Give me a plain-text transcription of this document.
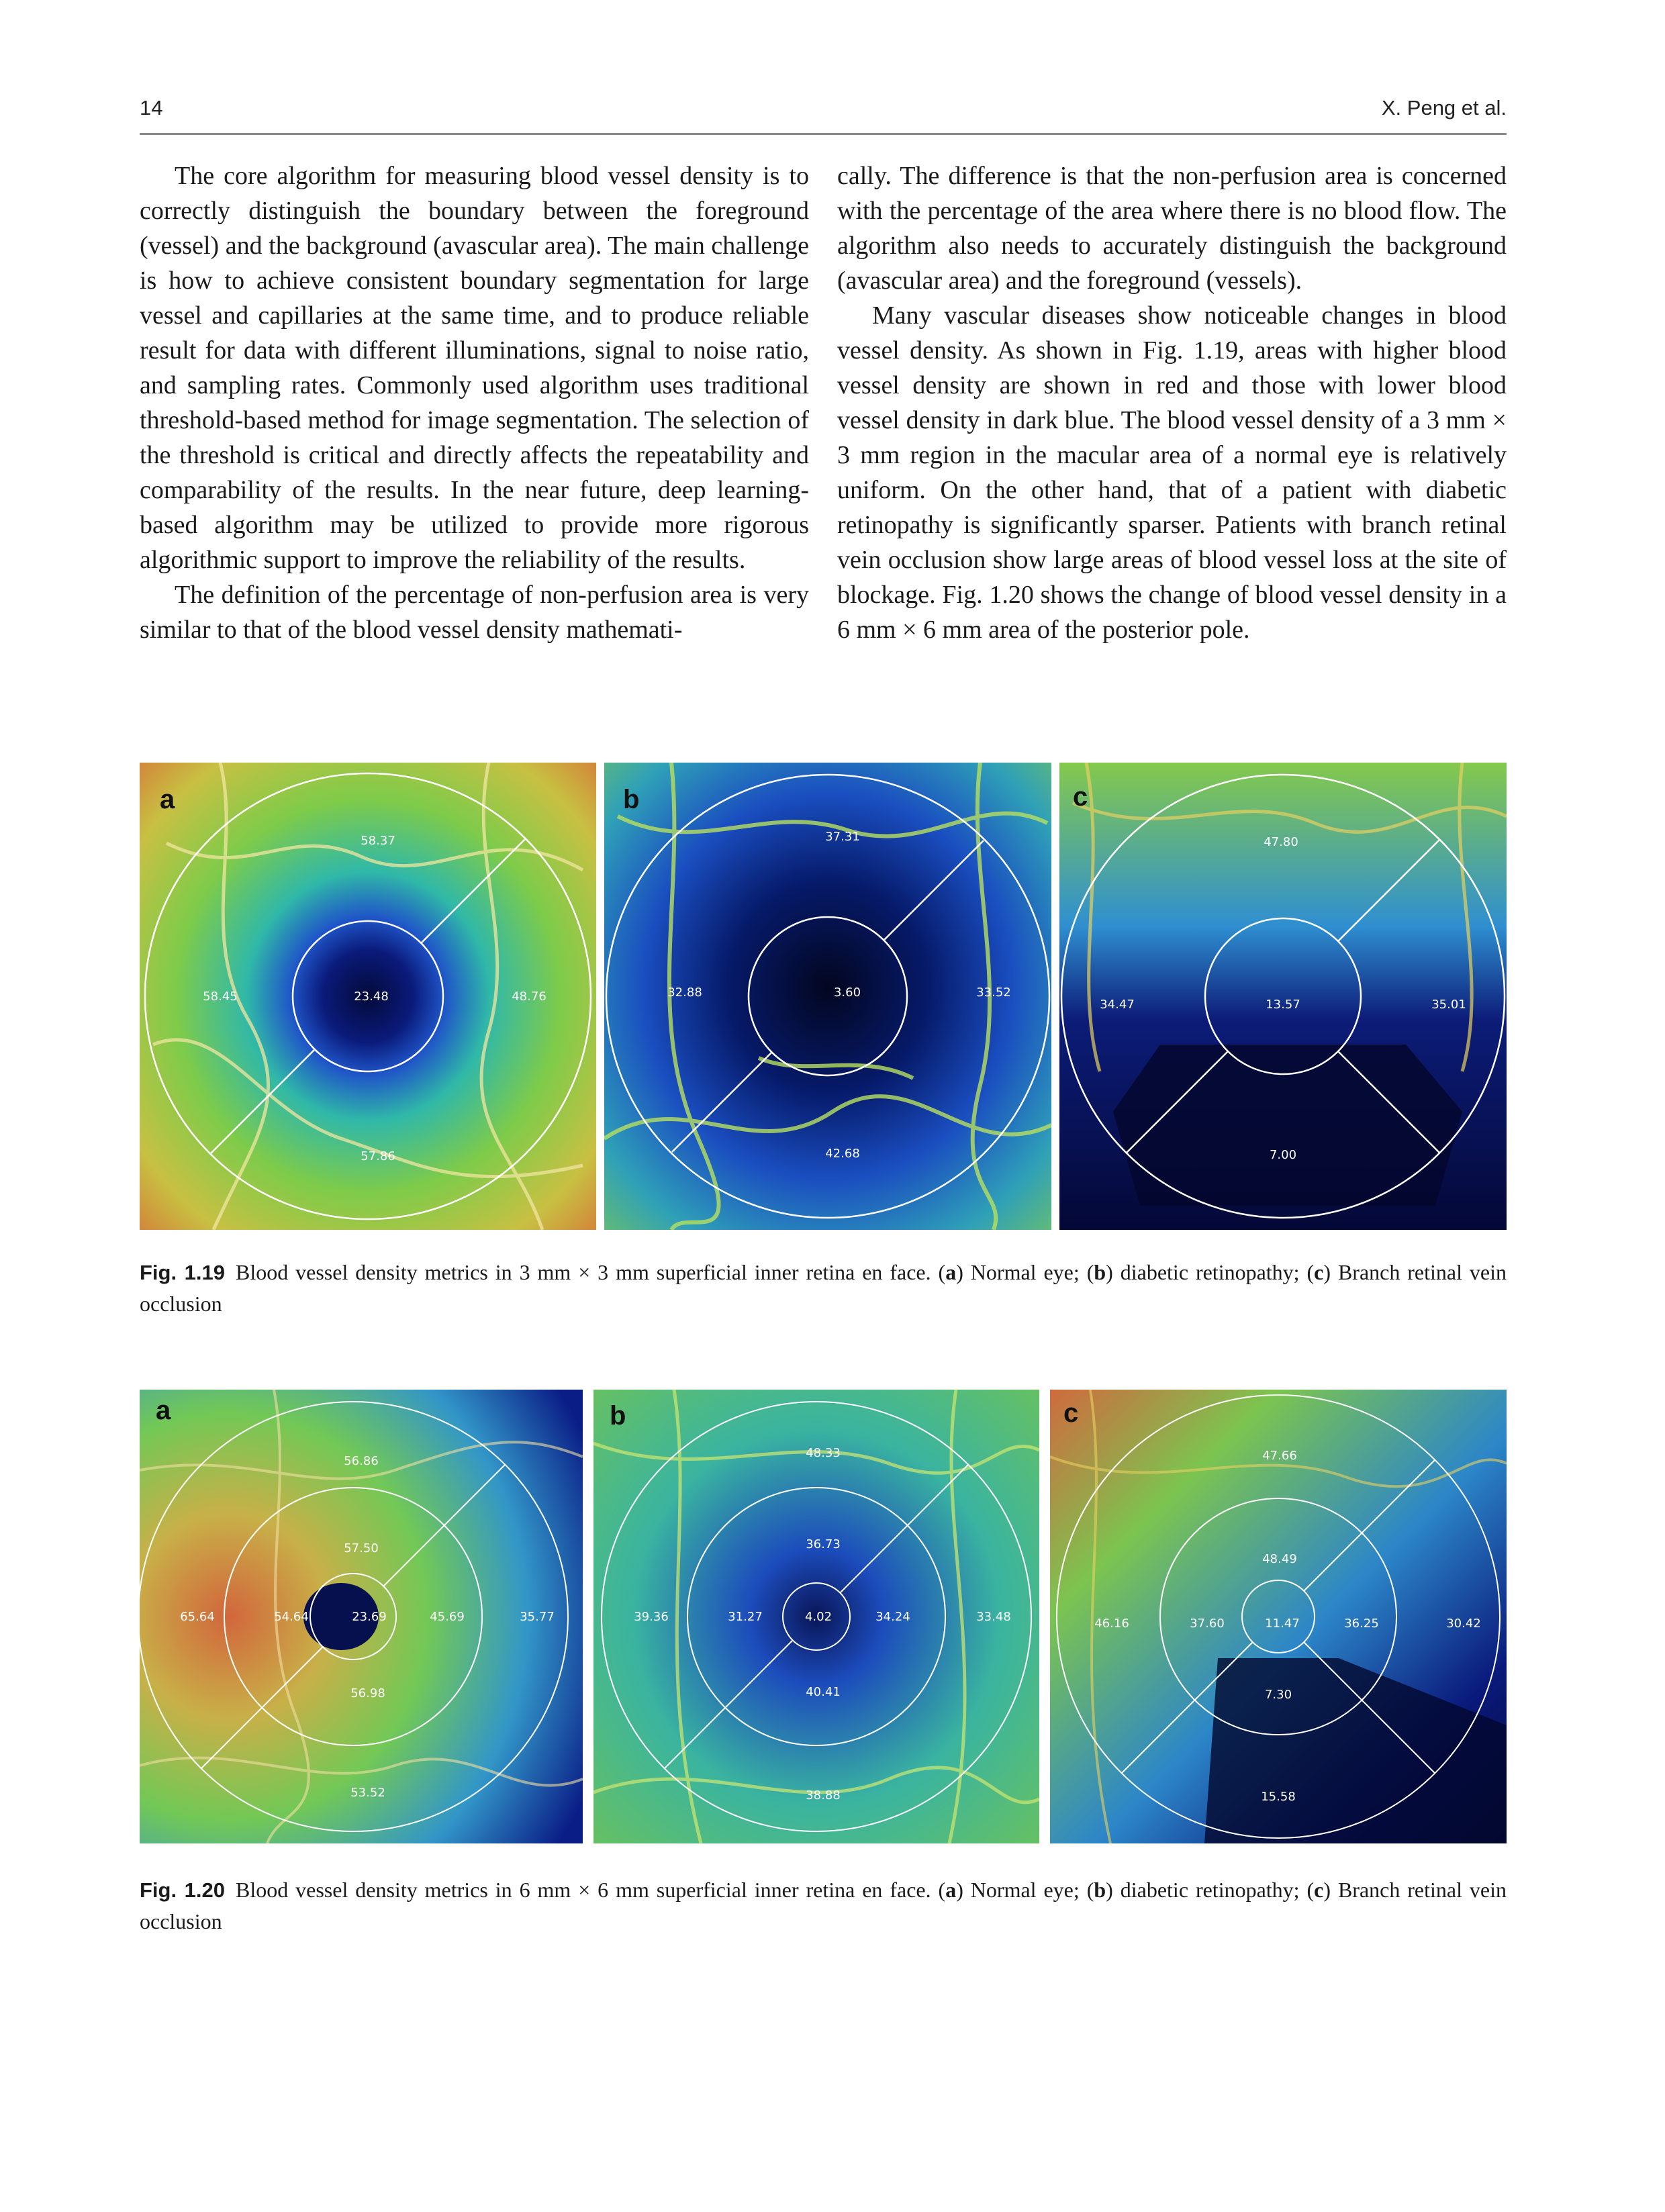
14	X. Peng et al.

The core algorithm for measuring blood vessel density is to correctly distinguish the boundary between the foreground (vessel) and the background (avascular area). The main challenge is how to achieve consistent boundary segmentation for large vessel and capillaries at the same time, and to produce reliable result for data with different illuminations, signal to noise ratio, and sampling rates. Commonly used algorithm uses traditional threshold-based method for image segmentation. The selection of the threshold is critical and directly affects the repeatability and comparability of the results. In the near future, deep learning-based algorithm may be utilized to provide more rigorous algorithmic support to improve the reliability of the results.

The definition of the percentage of non-perfusion area is very similar to that of the blood vessel density mathemati-

cally. The difference is that the non-perfusion area is concerned with the percentage of the area where there is no blood flow. The algorithm also needs to accurately distinguish the background (avascular area) and the foreground (vessels).

Many vascular diseases show noticeable changes in blood vessel density. As shown in Fig. 1.19, areas with higher blood vessel density are shown in red and those with lower blood vessel density in dark blue. The blood vessel density of a 3 mm × 3 mm region in the macular area of a normal eye is relatively uniform. On the other hand, that of a patient with diabetic retinopathy is significantly sparser. Patients with branch retinal vein occlusion show large areas of blood vessel loss at the site of blockage. Fig. 1.20 shows the change of blood vessel density in a 6 mm × 6 mm area of the posterior pole.

a
58.37
58.45	23.48	48.76
57.86
b
37.31
32.88	3.60	33.52
42.68
c
47.80
34.47	13.57	35.01
7.00
Fig. 1.19 Blood vessel density metrics in 3 mm × 3 mm superficial inner retina en face. (a) Normal eye; (b) diabetic retinopathy; (c) Branch retinal vein occlusion
a
56.86
57.50
65.64	54.64	23.69	45.69	35.77
56.98
53.52
b
48.33
36.73
39.36	31.27	4.02	34.24	33.48
40.41
38.88
c
47.66
48.49
46.16	37.60	11.47	36.25	30.42
7.30
15.58
Fig. 1.20 Blood vessel density metrics in 6 mm × 6 mm superficial inner retina en face. (a) Normal eye; (b) diabetic retinopathy; (c) Branch retinal vein occlusion
